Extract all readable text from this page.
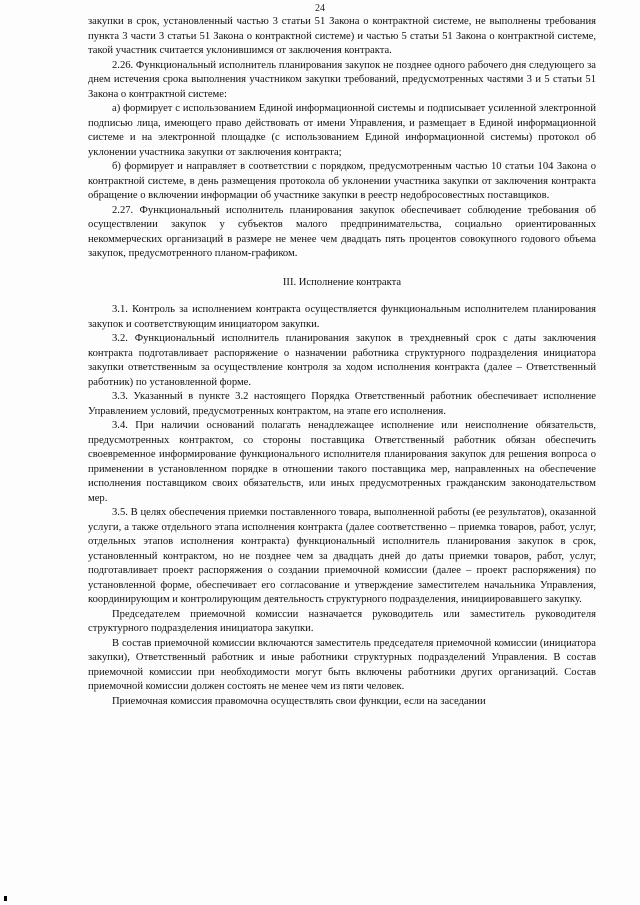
24

закупки в срок, установленный частью 3 статьи 51 Закона о контрактной системе, не выполнены требования пункта 3 части 3 статьи 51 Закона о контрактной системе) и частью 5 статьи 51 Закона о контрактной системе, такой участник считается уклонившимся от заключения контракта.

2.26. Функциональный исполнитель планирования закупок не позднее одного рабочего дня следующего за днем истечения срока выполнения участником закупки требований, предусмотренных частями 3 и 5 статьи 51 Закона о контрактной системе:

а) формирует с использованием Единой информационной системы и подписывает усиленной электронной подписью лица, имеющего право действовать от имени Управления, и размещает в Единой информационной системе и на электронной площадке (с использованием Единой информационной системы) протокол об уклонении участника закупки от заключения контракта;

б) формирует и направляет в соответствии с порядком, предусмотренным частью 10 статьи 104 Закона о контрактной системе, в день размещения протокола об уклонении участника закупки от заключения контракта обращение о включении информации об участнике закупки в реестр недобросовестных поставщиков.

2.27. Функциональный исполнитель планирования закупок обеспечивает соблюдение требования об осуществлении закупок у субъектов малого предпринимательства, социально ориентированных некоммерческих организаций в размере не менее чем двадцать пять процентов совокупного годового объема закупок, предусмотренного планом-графиком.

III. Исполнение контракта

3.1. Контроль за исполнением контракта осуществляется функциональным исполнителем планирования закупок и соответствующим инициатором закупки.

3.2. Функциональный исполнитель планирования закупок в трехдневный срок с даты заключения контракта подготавливает распоряжение о назначении работника структурного подразделения инициатора закупки ответственным за осуществление контроля за ходом исполнения контракта (далее – Ответственный работник) по установленной форме.

3.3. Указанный в пункте 3.2 настоящего Порядка Ответственный работник обеспечивает исполнение Управлением условий, предусмотренных контрактом, на этапе его исполнения.

3.4. При наличии оснований полагать ненадлежащее исполнение или неисполнение обязательств, предусмотренных контрактом, со стороны поставщика Ответственный работник обязан обеспечить своевременное информирование функционального исполнителя планирования закупок для решения вопроса о применении в установленном порядке в отношении такого поставщика мер, направленных на обеспечение исполнения поставщиком своих обязательств, или иных предусмотренных гражданским законодательством мер.

3.5. В целях обеспечения приемки поставленного товара, выполненной работы (ее результатов), оказанной услуги, а также отдельного этапа исполнения контракта (далее соответственно – приемка товаров, работ, услуг, отдельных этапов исполнения контракта) функциональный исполнитель планирования закупок в срок, установленный контрактом, но не позднее чем за двадцать дней до даты приемки товаров, работ, услуг, подготавливает проект распоряжения о создании приемочной комиссии (далее – проект распоряжения) по установленной форме, обеспечивает его согласование и утверждение заместителем начальника Управления, координирующим и контролирующим деятельность структурного подразделения, инициировавшего закупку.

Председателем приемочной комиссии назначается руководитель или заместитель руководителя структурного подразделения инициатора закупки.

В состав приемочной комиссии включаются заместитель председателя приемочной комиссии (инициатора закупки), Ответственный работник и иные работники структурных подразделений Управления. В состав приемочной комиссии при необходимости могут быть включены работники других организаций. Состав приемочной комиссии должен состоять не менее чем из пяти человек.

Приемочная комиссия правомочна осуществлять свои функции, если на заседании
